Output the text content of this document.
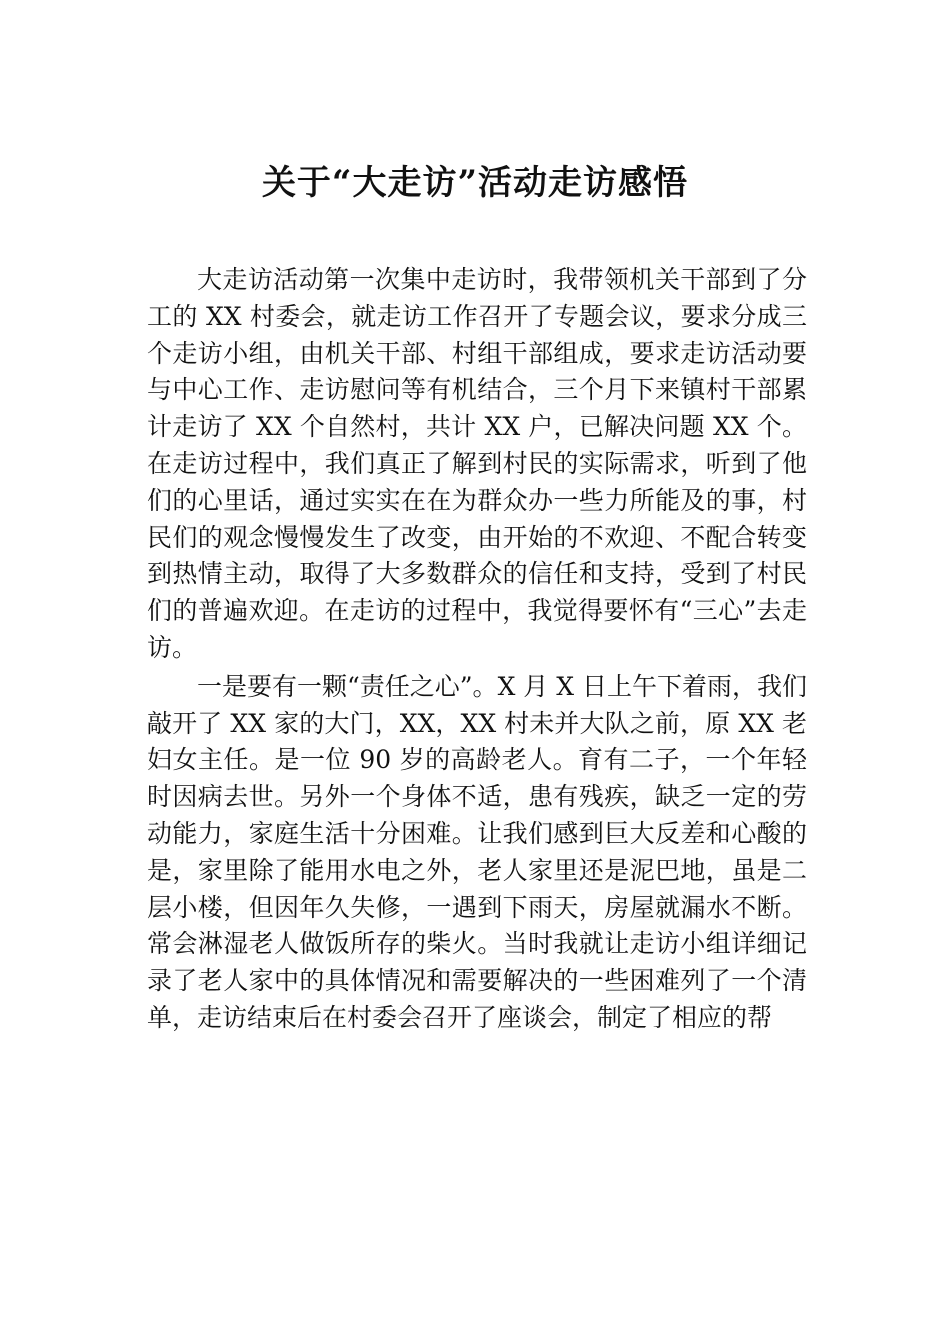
关于“大走访”活动走访感悟

大走访活动第一次集中走访时，我带领机关干部到了分工的 XX 村委会，就走访工作召开了专题会议，要求分成三个走访小组，由机关干部、村组干部组成，要求走访活动要与中心工作、走访慰问等有机结合，三个月下来镇村干部累计走访了 XX 个自然村，共计 XX 户，已解决问题 XX 个。在走访过程中，我们真正了解到村民的实际需求，听到了他们的心里话，通过实实在在为群众办一些力所能及的事，村民们的观念慢慢发生了改变，由开始的不欢迎、不配合转变到热情主动，取得了大多数群众的信任和支持，受到了村民们的普遍欢迎。在走访的过程中，我觉得要怀有“三心”去走访。

一是要有一颗“责任之心”。X 月 X 日上午下着雨，我们敲开了 XX 家的大门，XX，XX 村未并大队之前，原 XX 老妇女主任。是一位 90 岁的高龄老人。育有二子，一个年轻时因病去世。另外一个身体不适，患有残疾，缺乏一定的劳动能力，家庭生活十分困难。让我们感到巨大反差和心酸的是，家里除了能用水电之外，老人家里还是泥巴地，虽是二层小楼，但因年久失修，一遇到下雨天，房屋就漏水不断。 常会淋湿老人做饭所存的柴火。当时我就让走访小组详细记录了老人家中的具体情况和需要解决的一些困难列了一个清单，走访结束后在村委会召开了座谈会，制定了相应的帮
